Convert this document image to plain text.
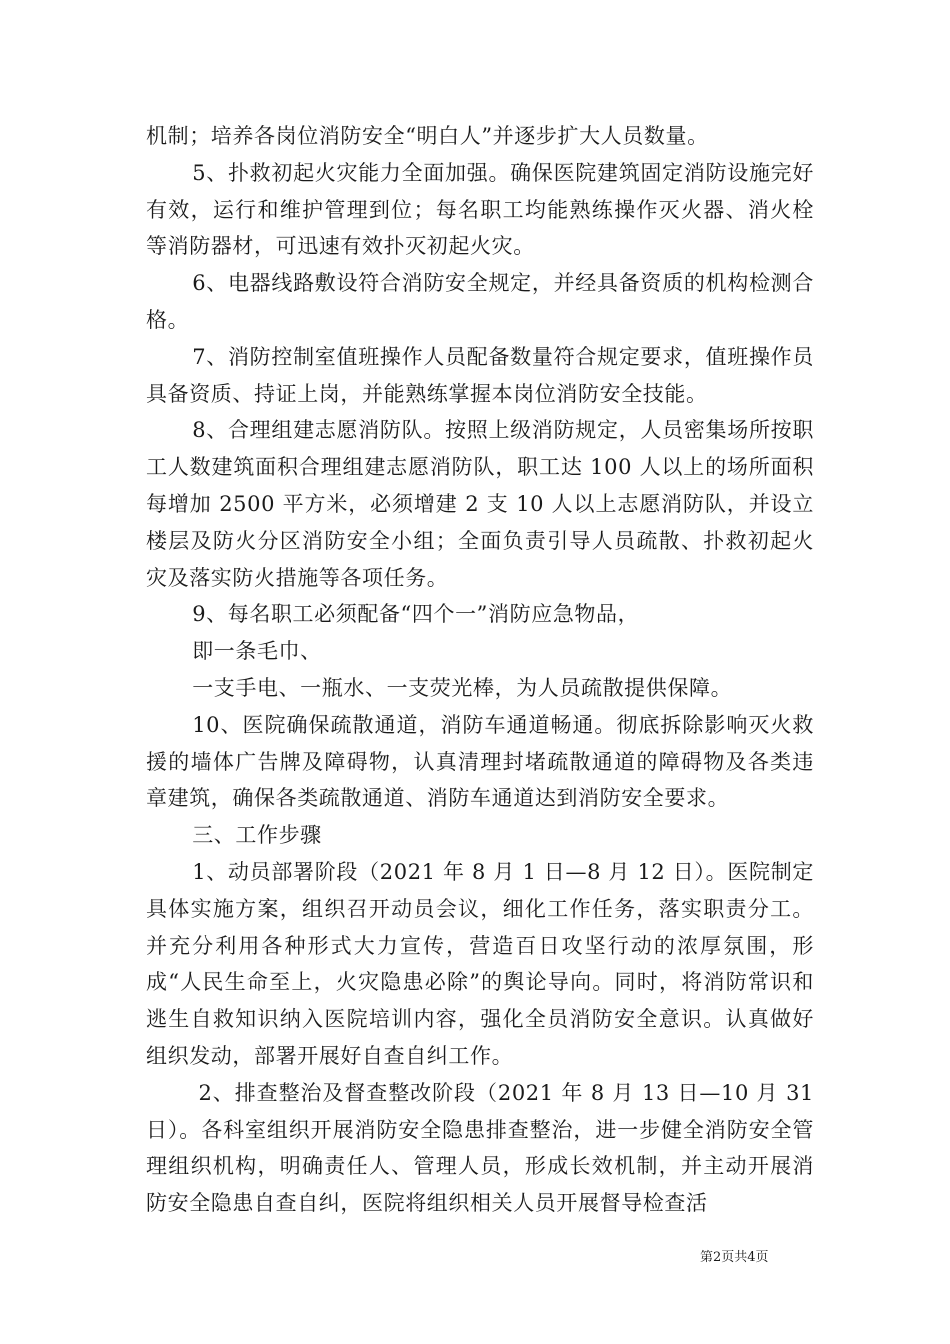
机制；培养各岗位消防安全“明白人”并逐步扩大人员数量。

5、扑救初起火灾能力全面加强。确保医院建筑固定消防设施完好有效，运行和维护管理到位；每名职工均能熟练操作灭火器、消火栓等消防器材，可迅速有效扑灭初起火灾。

6、电器线路敷设符合消防安全规定，并经具备资质的机构检测合格。

7、消防控制室值班操作人员配备数量符合规定要求，值班操作员具备资质、持证上岗，并能熟练掌握本岗位消防安全技能。

8、合理组建志愿消防队。按照上级消防规定，人员密集场所按职工人数建筑面积合理组建志愿消防队，职工达 100 人以上的场所面积每增加 2500 平方米，必须增建 2 支 10 人以上志愿消防队，并设立楼层及防火分区消防安全小组；全面负责引导人员疏散、扑救初起火灾及落实防火措施等各项任务。

9、每名职工必须配备“四个一”消防应急物品，

即一条毛巾、

一支手电、一瓶水、一支荧光棒，为人员疏散提供保障。

10、医院确保疏散通道，消防车通道畅通。彻底拆除影响灭火救援的墙体广告牌及障碍物，认真清理封堵疏散通道的障碍物及各类违章建筑，确保各类疏散通道、消防车通道达到消防安全要求。

三、工作步骤

1、动员部署阶段（2021 年 8 月 1 日—8 月 12 日）。医院制定具体实施方案，组织召开动员会议，细化工作任务，落实职责分工。并充分利用各种形式大力宣传，营造百日攻坚行动的浓厚氛围，形成“人民生命至上，火灾隐患必除”的舆论导向。同时，将消防常识和逃生自救知识纳入医院培训内容，强化全员消防安全意识。认真做好组织发动，部署开展好自查自纠工作。

2、排查整治及督查整改阶段（2021 年 8 月 13 日—10 月 31 日）。各科室组织开展消防安全隐患排查整治，进一步健全消防安全管理组织机构，明确责任人、管理人员，形成长效机制，并主动开展消防安全隐患自查自纠，医院将组织相关人员开展督导检查活

第2页共4页
